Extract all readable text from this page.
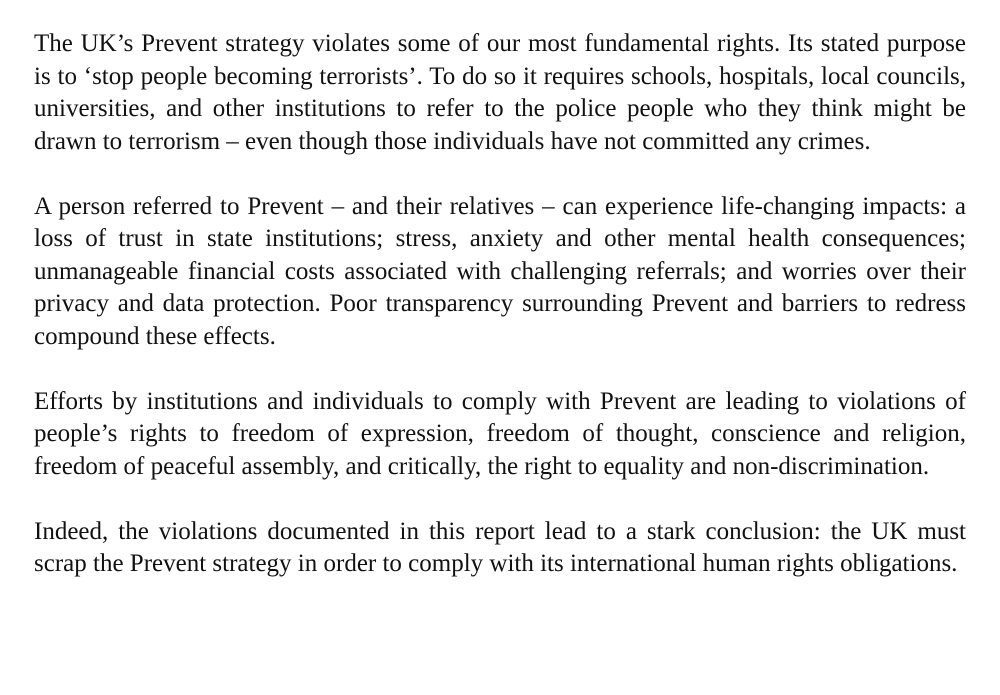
The UK’s Prevent strategy violates some of our most fundamental rights. Its stated purpose is to ‘stop people becoming terrorists’. To do so it requires schools, hospitals, local councils, universities, and other institutions to refer to the police people who they think might be drawn to terrorism – even though those individuals have not committed any crimes.

A person referred to Prevent – and their relatives – can experience life-changing impacts: a loss of trust in state institutions; stress, anxiety and other mental health consequences; unmanageable financial costs associated with challenging referrals; and worries over their privacy and data protection. Poor transparency surrounding Prevent and barriers to redress compound these effects.

Efforts by institutions and individuals to comply with Prevent are leading to violations of people’s rights to freedom of expression, freedom of thought, conscience and religion, freedom of peaceful assembly, and critically, the right to equality and non-discrimination.

Indeed, the violations documented in this report lead to a stark conclusion: the UK must scrap the Prevent strategy in order to comply with its international human rights obligations.
